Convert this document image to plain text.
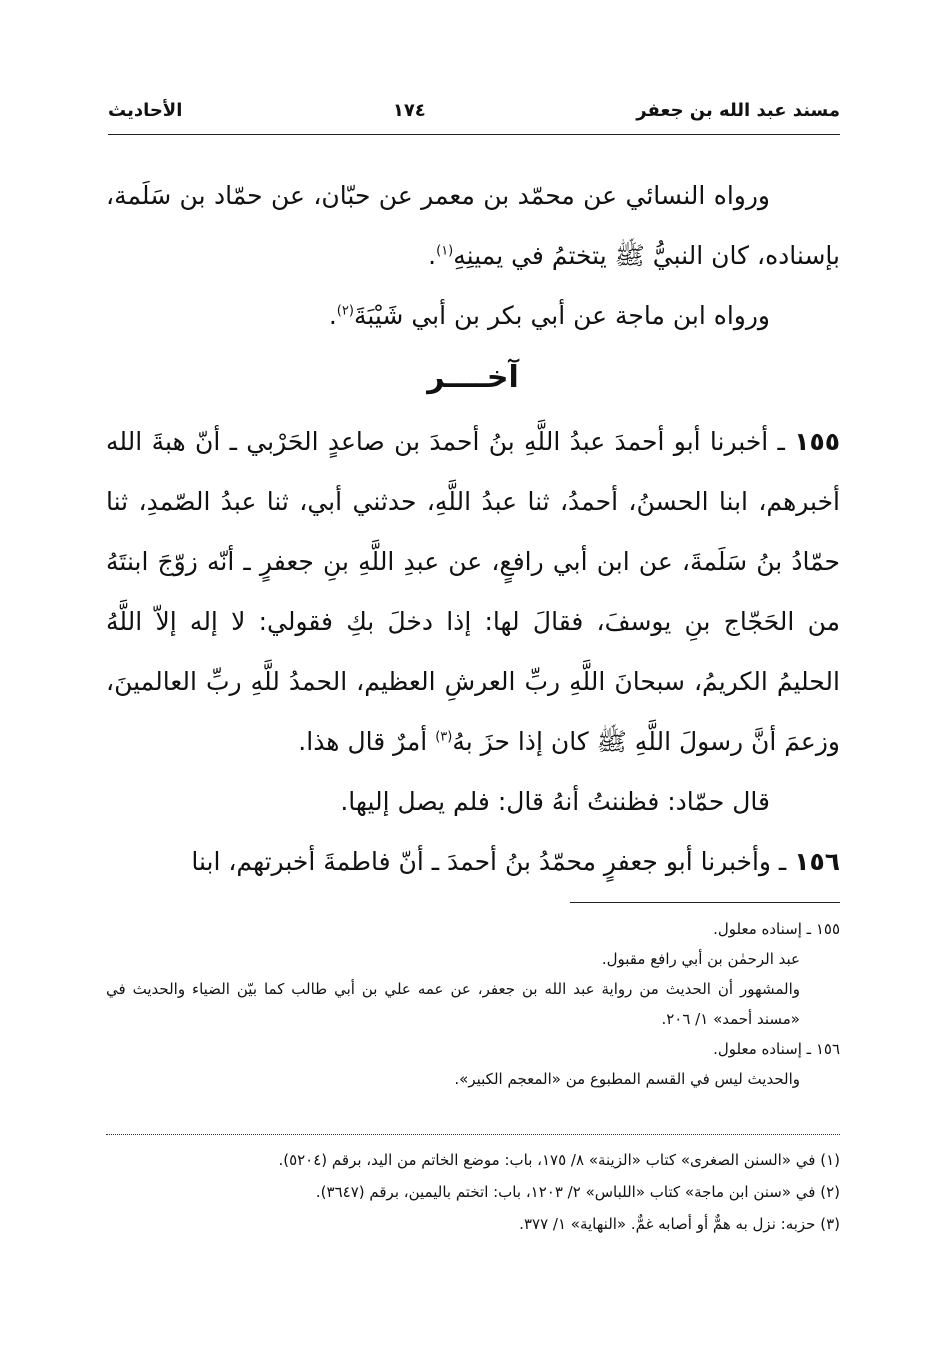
مسند عبد الله بن جعفر
١٧٤
الأحاديث

ورواه النسائي عن محمّد بن معمر عن حبّان، عن حمّاد بن سَلَمة، بإسناده، كان النبيُّ ﷺ يتختمُ في يمينِهِ$^{(١)}$.

ورواه ابن ماجة عن أبي بكر بن أبي شَيْبَةَ$^{(٢)}$.

آخــــر

١٥٥ ـ أخبرنا أبو أحمدَ عبدُ اللَّهِ بنُ أحمدَ بن صاعدٍ الحَرْبي ـ أنّ هبةَ الله أخبرهم، ابنا الحسنُ، أحمدُ، ثنا عبدُ اللَّهِ، حدثني أبي، ثنا عبدُ الصّمدِ، ثنا حمّادُ بنُ سَلَمةَ، عن ابن أبي رافعٍ، عن عبدِ اللَّهِ بنِ جعفرٍ ـ أنّه زوّجَ ابنتَهُ من الحَجّاج بنِ يوسفَ، فقالَ لها: إذا دخلَ بكِ فقولي: لا إله إلاّ اللَّهُ الحليمُ الكريمُ، سبحانَ اللَّهِ ربِّ العرشِ العظيم، الحمدُ للَّهِ ربِّ العالمينَ، وزعمَ أنَّ رسولَ اللَّهِ ﷺ كان إذا حزَ بهُ$^{(٣)}$ أمرٌ قال هذا.

قال حمّاد: فظننتُ أنهُ قال: فلم يصل إليها.

١٥٦ ـ وأخبرنا أبو جعفرٍ محمّدُ بنُ أحمدَ ـ أنّ فاطمةَ أخبرتهم، ابنا

١٥٥ ـ إسناده معلول.

عبد الرحمٰن بن أبي رافع مقبول.

والمشهور أن الحديث من رواية عبد الله بن جعفر، عن عمه علي بن أبي طالب كما بيّن الضياء والحديث في «مسند أحمد» ١/ ٢٠٦.

١٥٦ ـ إسناده معلول.

والحديث ليس في القسم المطبوع من «المعجم الكبير».

(١) في «السنن الصغرى» كتاب «الزينة» ٨/ ١٧٥، باب: موضع الخاتم من اليد، برقم (٥٢٠٤).

(٢) في «سنن ابن ماجة» كتاب «اللباس» ٢/ ١٢٠٣، باب: اتختم باليمين، برقم (٣٦٤٧).

(٣) حزبه: نزل به همٌّ أو أصابه غمٌّ. «النهاية» ١/ ٣٧٧.
